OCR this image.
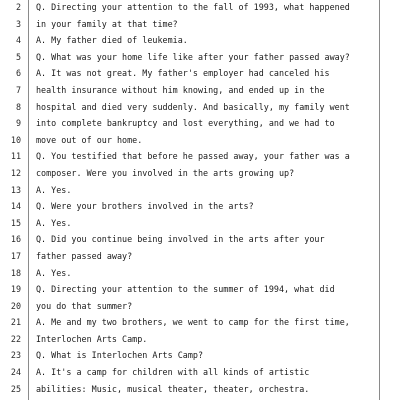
2 Q. Directing your attention to the fall of 1993, what happened
3 in your family at that time?
4 A. My father died of leukemia.
5 Q. What was your home life like after your father passed away?
6 A. It was not great. My father's employer had canceled his
7 health insurance without him knowing, and ended up in the
8 hospital and died very suddenly. And basically, my family went
9 into complete bankruptcy and lost everything, and we had to
10 move out of our home.
11 Q. You testified that before he passed away, your father was a
12 composer. Were you involved in the arts growing up?
13 A. Yes.
14 Q. Were your brothers involved in the arts?
15 A. Yes.
16 Q. Did you continue being involved in the arts after your
17 father passed away?
18 A. Yes.
19 Q. Directing your attention to the summer of 1994, what did
20 you do that summer?
21 A. Me and my two brothers, we went to camp for the first time,
22 Interlochen Arts Camp.
23 Q. What is Interlochen Arts Camp?
24 A. It's a camp for children with all kinds of artistic
25 abilities: Music, musical theater, theater, orchestra.
